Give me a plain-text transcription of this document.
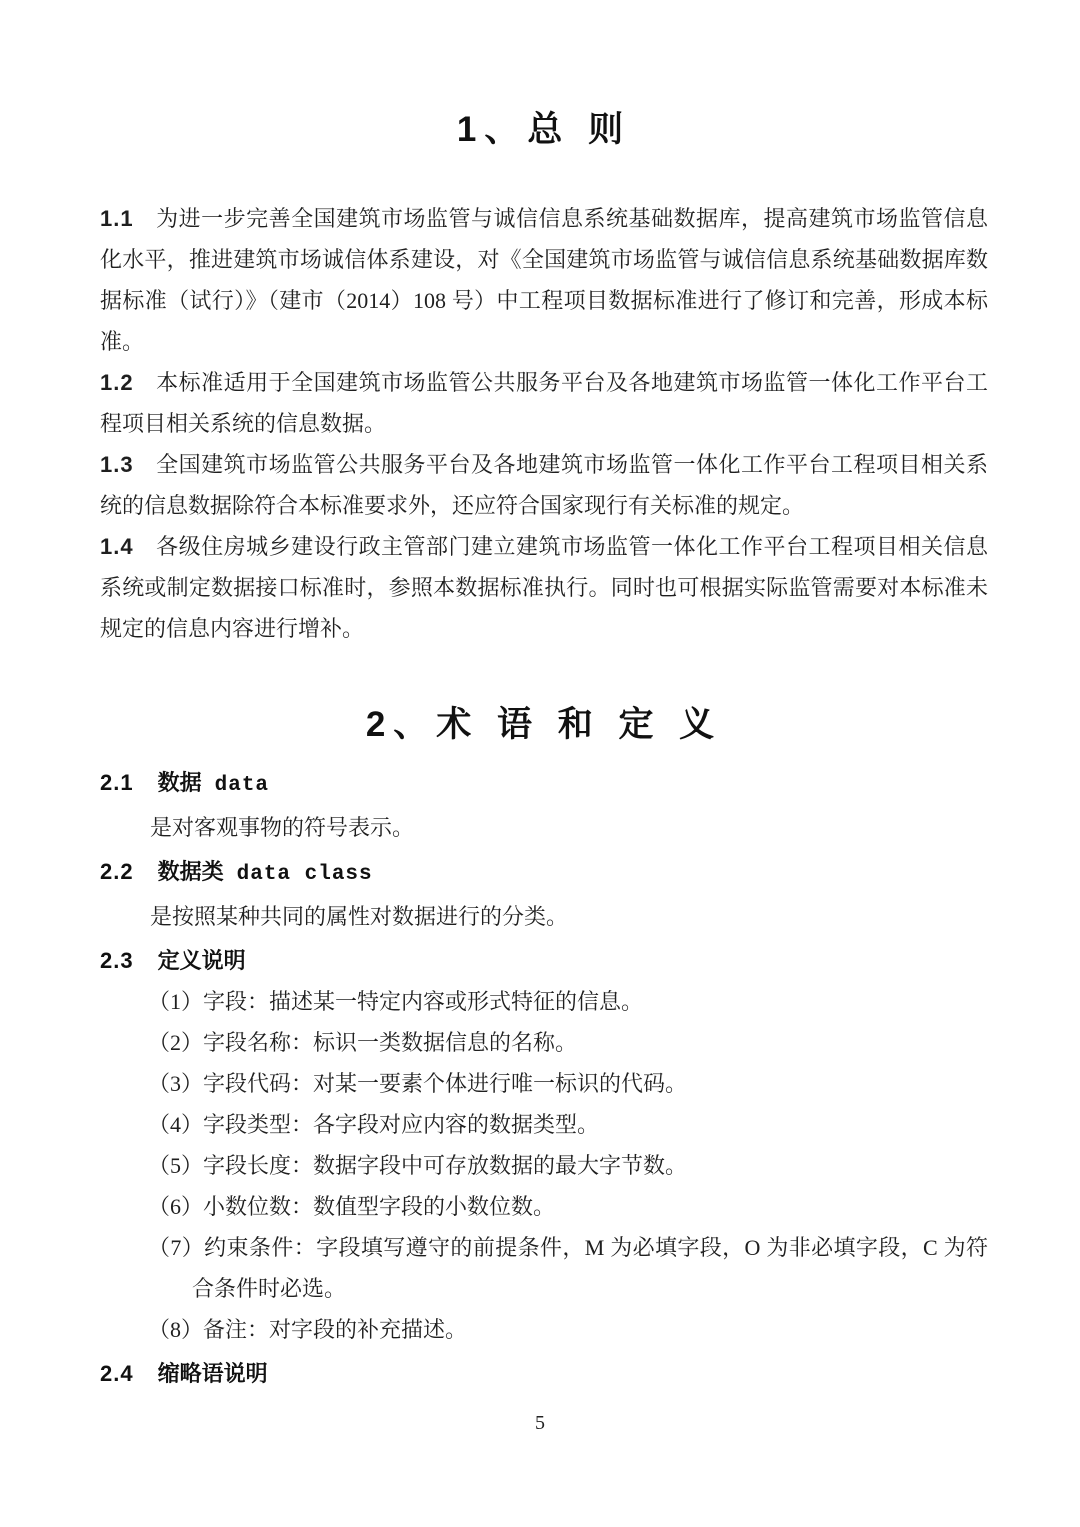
1、总 则

1.1 为进一步完善全国建筑市场监管与诚信信息系统基础数据库，提高建筑市场监管信息化水平，推进建筑市场诚信体系建设，对《全国建筑市场监管与诚信信息系统基础数据库数据标准（试行）》（建市（2014）108 号）中工程项目数据标准进行了修订和完善，形成本标准。

1.2 本标准适用于全国建筑市场监管公共服务平台及各地建筑市场监管一体化工作平台工程项目相关系统的信息数据。

1.3 全国建筑市场监管公共服务平台及各地建筑市场监管一体化工作平台工程项目相关系统的信息数据除符合本标准要求外，还应符合国家现行有关标准的规定。

1.4 各级住房城乡建设行政主管部门建立建筑市场监管一体化工作平台工程项目相关信息系统或制定数据接口标准时，参照本数据标准执行。同时也可根据实际监管需要对本标准未规定的信息内容进行增补。

2、术 语 和 定 义

2.1 数据 data

是对客观事物的符号表示。

2.2 数据类 data class

是按照某种共同的属性对数据进行的分类。

2.3 定义说明

（1）字段：描述某一特定内容或形式特征的信息。

（2）字段名称：标识一类数据信息的名称。

（3）字段代码：对某一要素个体进行唯一标识的代码。

（4）字段类型：各字段对应内容的数据类型。

（5）字段长度：数据字段中可存放数据的最大字节数。

（6）小数位数：数值型字段的小数位数。

（7）约束条件：字段填写遵守的前提条件，M 为必填字段，O 为非必填字段，C 为符合条件时必选。

（8）备注：对字段的补充描述。

2.4 缩略语说明

5
